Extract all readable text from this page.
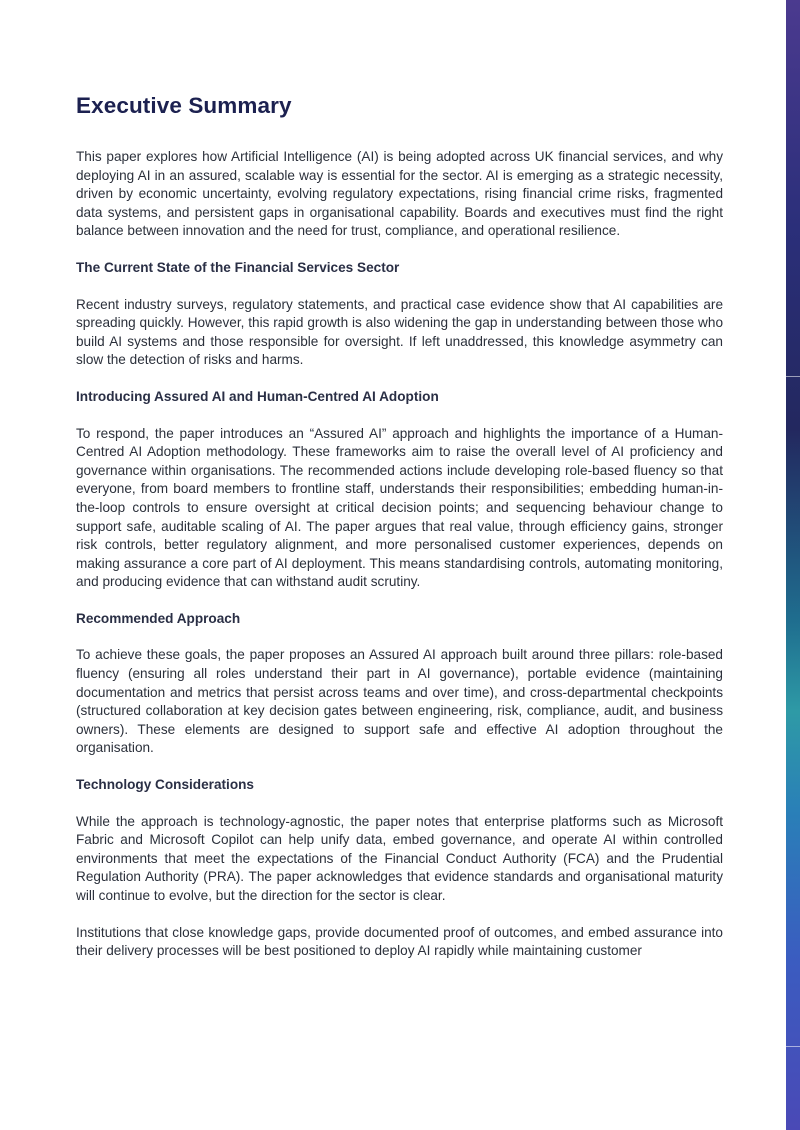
Executive Summary

This paper explores how Artificial Intelligence (AI) is being adopted across UK financial services, and why deploying AI in an assured, scalable way is essential for the sector. AI is emerging as a strategic necessity, driven by economic uncertainty, evolving regulatory expectations, rising financial crime risks, fragmented data systems, and persistent gaps in organisational capability. Boards and executives must find the right balance between innovation and the need for trust, compliance, and operational resilience.

The Current State of the Financial Services Sector

Recent industry surveys, regulatory statements, and practical case evidence show that AI capabilities are spreading quickly. However, this rapid growth is also widening the gap in understanding between those who build AI systems and those responsible for oversight. If left unaddressed, this knowledge asymmetry can slow the detection of risks and harms.

Introducing Assured AI and Human-Centred AI Adoption

To respond, the paper introduces an “Assured AI” approach and highlights the importance of a Human-Centred AI Adoption methodology. These frameworks aim to raise the overall level of AI proficiency and governance within organisations. The recommended actions include developing role-based fluency so that everyone, from board members to frontline staff, understands their responsibilities; embedding human-in-the-loop controls to ensure oversight at critical decision points; and sequencing behaviour change to support safe, auditable scaling of AI. The paper argues that real value, through efficiency gains, stronger risk controls, better regulatory alignment, and more personalised customer experiences, depends on making assurance a core part of AI deployment. This means standardising controls, automating monitoring, and producing evidence that can withstand audit scrutiny.

Recommended Approach

To achieve these goals, the paper proposes an Assured AI approach built around three pillars: role-based fluency (ensuring all roles understand their part in AI governance), portable evidence (maintaining documentation and metrics that persist across teams and over time), and cross-departmental checkpoints (structured collaboration at key decision gates between engineering, risk, compliance, audit, and business owners). These elements are designed to support safe and effective AI adoption throughout the organisation.

Technology Considerations

While the approach is technology-agnostic, the paper notes that enterprise platforms such as Microsoft Fabric and Microsoft Copilot can help unify data, embed governance, and operate AI within controlled environments that meet the expectations of the Financial Conduct Authority (FCA) and the Prudential Regulation Authority (PRA). The paper acknowledges that evidence standards and organisational maturity will continue to evolve, but the direction for the sector is clear.

Institutions that close knowledge gaps, provide documented proof of outcomes, and embed assurance into their delivery processes will be best positioned to deploy AI rapidly while maintaining customer
